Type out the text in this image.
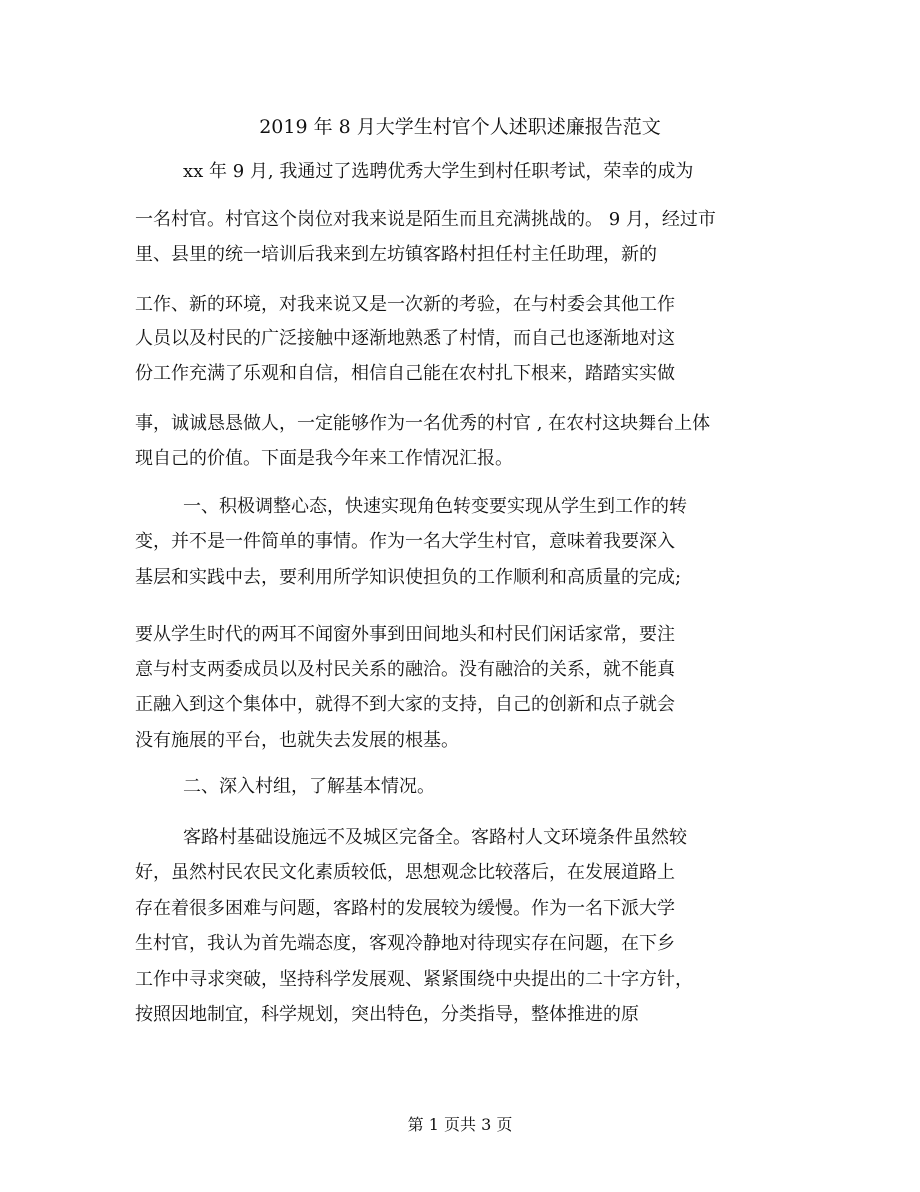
2019 年 8 月大学生村官个人述职述廉报告范文
xx 年 9 月, 我通过了选聘优秀大学生到村任职考试，荣幸的成为
一名村官。村官这个岗位对我来说是陌生而且充满挑战的。 9 月，经过市
里、县里的统一培训后我来到左坊镇客路村担任村主任助理，新的
工作、新的环境，对我来说又是一次新的考验，在与村委会其他工作
人员以及村民的广泛接触中逐渐地熟悉了村情，而自己也逐渐地对这
份工作充满了乐观和自信，相信自己能在农村扎下根来，踏踏实实做
事，诚诚恳恳做人，一定能够作为一名优秀的村官 , 在农村这块舞台上体
现自己的价值。下面是我今年来工作情况汇报。
一、积极调整心态，快速实现角色转变要实现从学生到工作的转
变，并不是一件简单的事情。作为一名大学生村官，意味着我要深入
基层和实践中去，要利用所学知识使担负的工作顺利和高质量的完成;
要从学生时代的两耳不闻窗外事到田间地头和村民们闲话家常，要注
意与村支两委成员以及村民关系的融洽。没有融洽的关系，就不能真
正融入到这个集体中，就得不到大家的支持，自己的创新和点子就会
没有施展的平台，也就失去发展的根基。
二、深入村组，了解基本情况。
客路村基础设施远不及城区完备全。客路村人文环境条件虽然较
好，虽然村民农民文化素质较低，思想观念比较落后，在发展道路上
存在着很多困难与问题，客路村的发展较为缓慢。作为一名下派大学
生村官，我认为首先端态度，客观冷静地对待现实存在问题，在下乡
工作中寻求突破，坚持科学发展观、紧紧围绕中央提出的二十字方针，
按照因地制宜，科学规划，突出特色，分类指导，整体推进的原
第 1 页共 3 页
